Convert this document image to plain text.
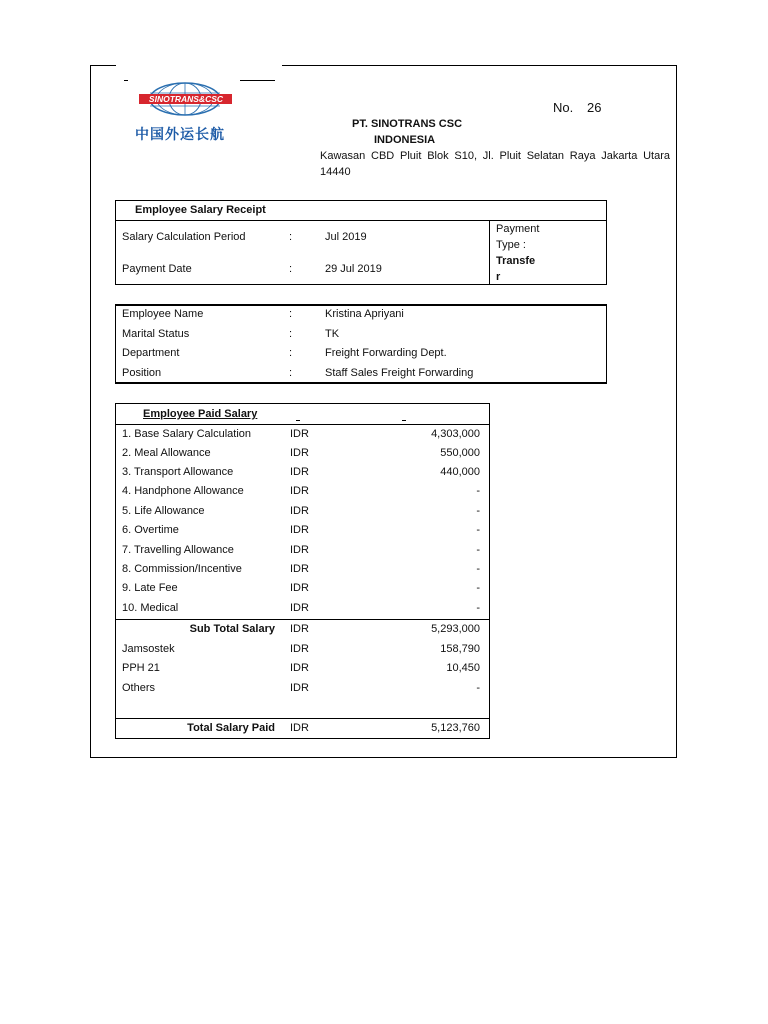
SINOTRANS&CSC
中国外运长航
No. 26
PT. SINOTRANS CSC
INDONESIA
Kawasan CBD Pluit Blok S10, Jl. Pluit Selatan Raya Jakarta Utara
14440
Employee Salary Receipt
Salary Calculation Period	:	Jul 2019
Payment Date	:	29 Jul 2019
Payment
Type :
Transfe
r
Employee Name	:	Kristina Apriyani
Marital Status	:	TK
Department	:	Freight Forwarding Dept.
Position	:	Staff Sales Freight Forwarding
Employee Paid Salary
1. Base Salary Calculation	IDR	4,303,000
2. Meal Allowance	IDR	550,000
3. Transport Allowance	IDR	440,000
4. Handphone Allowance	IDR	-
5. Life Allowance	IDR	-
6. Overtime	IDR	-
7. Travelling Allowance	IDR	-
8. Commission/Incentive	IDR	-
9. Late Fee	IDR	-
10. Medical	IDR	-
Sub Total Salary IDR	5,293,000
Jamsostek	IDR	158,790
PPH 21	IDR	10,450
Others	IDR	-
Total Salary Paid IDR	5,123,760
